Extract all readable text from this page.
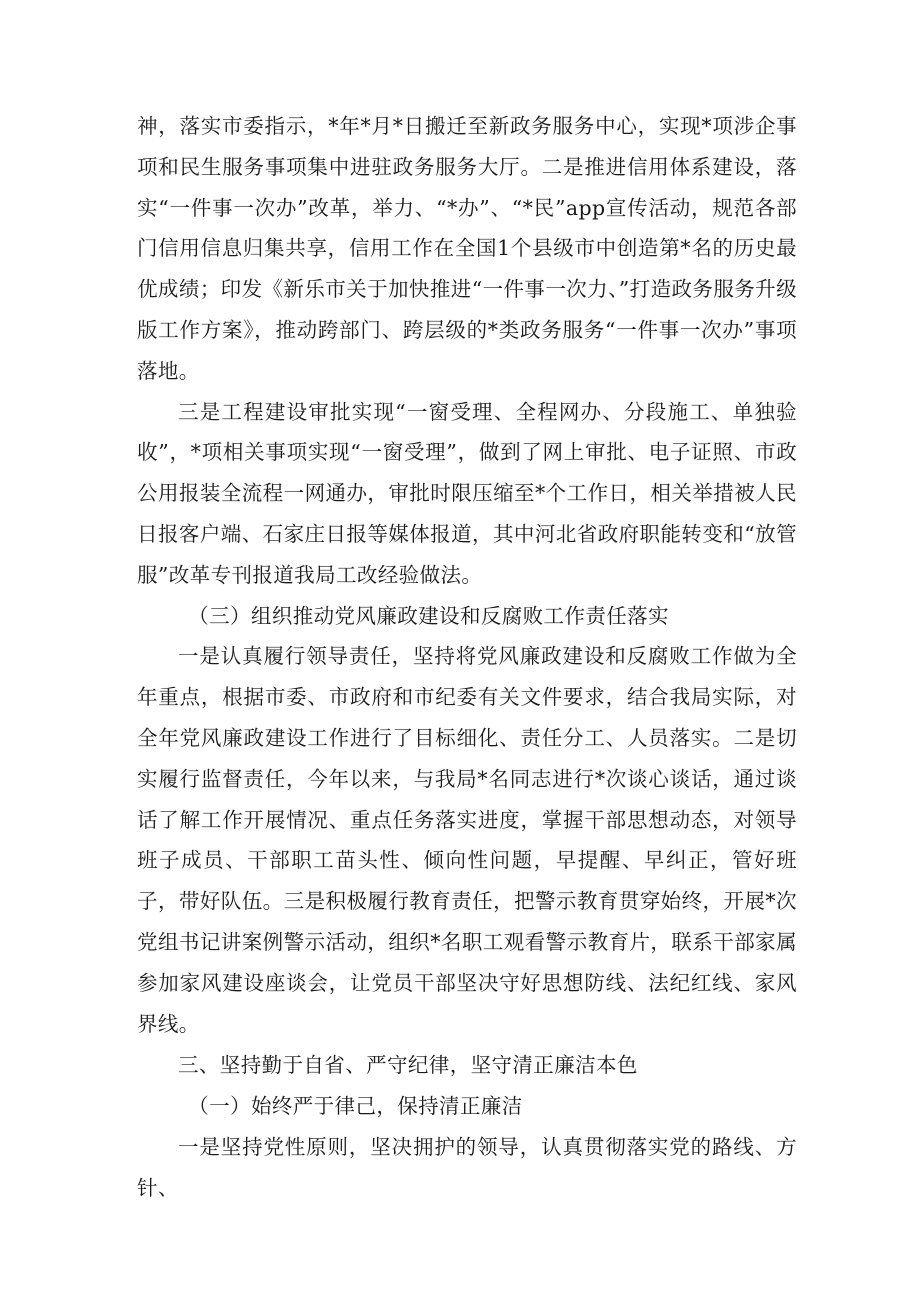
神，落实市委指示，*年*月*日搬迁至新政务服务中心，实现*项涉企事项和民生服务事项集中进驻政务服务大厅。二是推进信用体系建设，落实“一件事一次办”改革，举力、“*办”、“*民”app宣传活动，规范各部门信用信息归集共享，信用工作在全国1个县级市中创造第*名的历史最优成绩；印发《新乐市关于加快推进“一件事一次力、”打造政务服务升级版工作方案》，推动跨部门、跨层级的*类政务服务“一件事一次办”事项落地。

三是工程建设审批实现“一窗受理、全程网办、分段施工、单独验收”，*项相关事项实现“一窗受理”，做到了网上审批、电子证照、市政公用报装全流程一网通办，审批时限压缩至*个工作日，相关举措被人民日报客户端、石家庄日报等媒体报道，其中河北省政府职能转变和“放管服”改革专刊报道我局工改经验做法。

（三）组织推动党风廉政建设和反腐败工作责任落实

一是认真履行领导责任，坚持将党风廉政建设和反腐败工作做为全年重点，根据市委、市政府和市纪委有关文件要求，结合我局实际，对全年党风廉政建设工作进行了目标细化、责任分工、人员落实。二是切实履行监督责任，今年以来，与我局*名同志进行*次谈心谈话，通过谈话了解工作开展情况、重点任务落实进度，掌握干部思想动态，对领导班子成员、干部职工苗头性、倾向性问题，早提醒、早纠正，管好班子，带好队伍。三是积极履行教育责任，把警示教育贯穿始终，开展*次党组书记讲案例警示活动，组织*名职工观看警示教育片，联系干部家属参加家风建设座谈会，让党员干部坚决守好思想防线、法纪红线、家风界线。

三、坚持勤于自省、严守纪律，坚守清正廉洁本色

（一）始终严于律己，保持清正廉洁

一是坚持党性原则，坚决拥护的领导，认真贯彻落实党的路线、方针、
